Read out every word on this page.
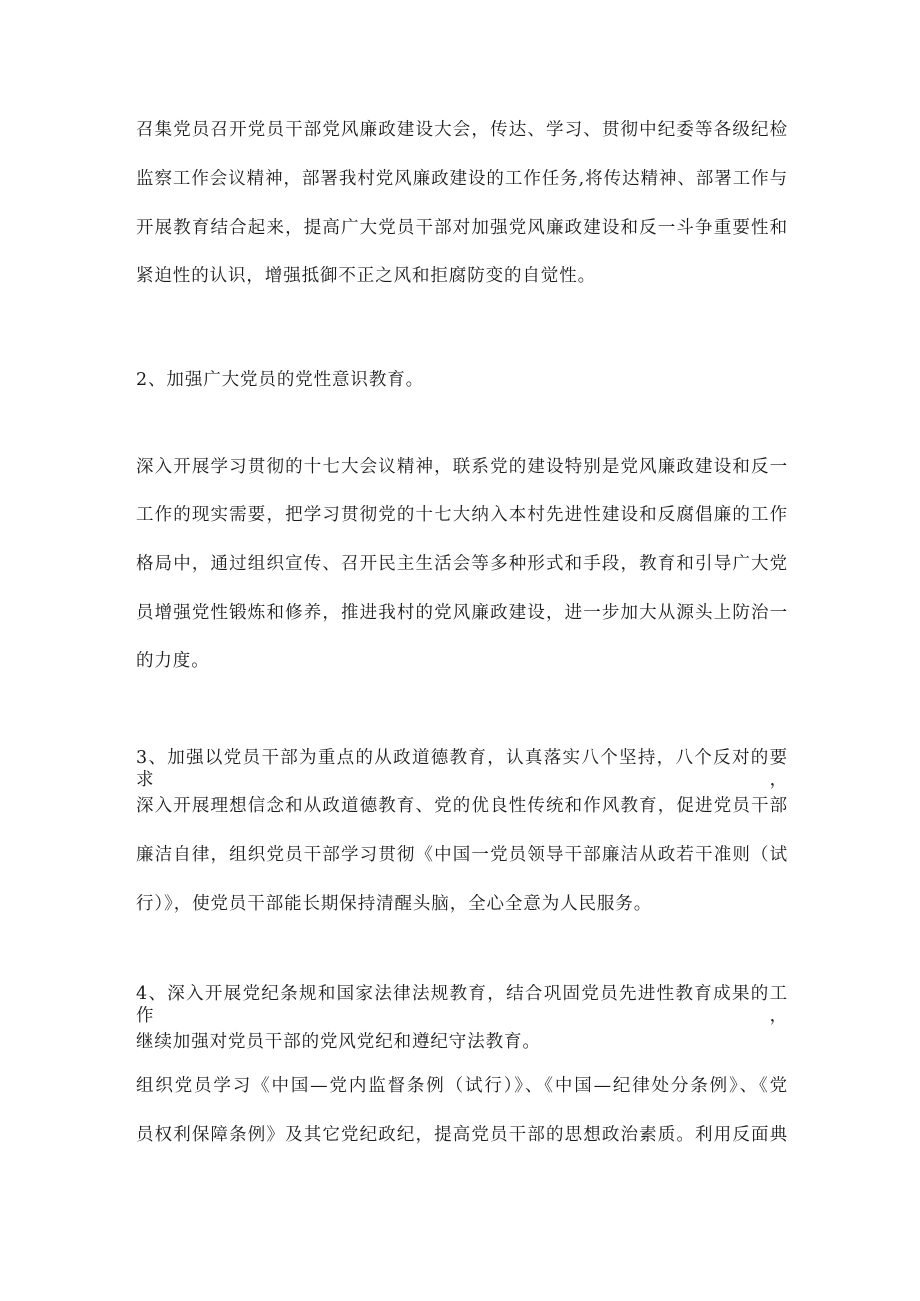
召集党员召开党员干部党风廉政建设大会，传达、学习、贯彻中纪委等各级纪检
监察工作会议精神，部署我村党风廉政建设的工作任务,将传达精神、部署工作与
开展教育结合起来，提高广大党员干部对加强党风廉政建设和反一斗争重要性和
紧迫性的认识，增强抵御不正之风和拒腐防变的自觉性。
2、加强广大党员的党性意识教育。
深入开展学习贯彻的十七大会议精神，联系党的建设特别是党风廉政建设和反一
工作的现实需要，把学习贯彻党的十七大纳入本村先进性建设和反腐倡廉的工作
格局中，通过组织宣传、召开民主生活会等多种形式和手段，教育和引导广大党
员增强党性锻炼和修养，推进我村的党风廉政建设，进一步加大从源头上防治一
的力度。
3、加强以党员干部为重点的从政道德教育，认真落实八个坚持，八个反对的要求，
深入开展理想信念和从政道德教育、党的优良性传统和作风教育，促进党员干部
廉洁自律，组织党员干部学习贯彻《中国一党员领导干部廉洁从政若干准则（试
行）》，使党员干部能长期保持清醒头脑，全心全意为人民服务。
4、深入开展党纪条规和国家法律法规教育，结合巩固党员先进性教育成果的工作，
继续加强对党员干部的党风党纪和遵纪守法教育。
组织党员学习《中国—党内监督条例（试行）》、《中国—纪律处分条例》、《党
员权利保障条例》及其它党纪政纪，提高党员干部的思想政治素质。利用反面典
